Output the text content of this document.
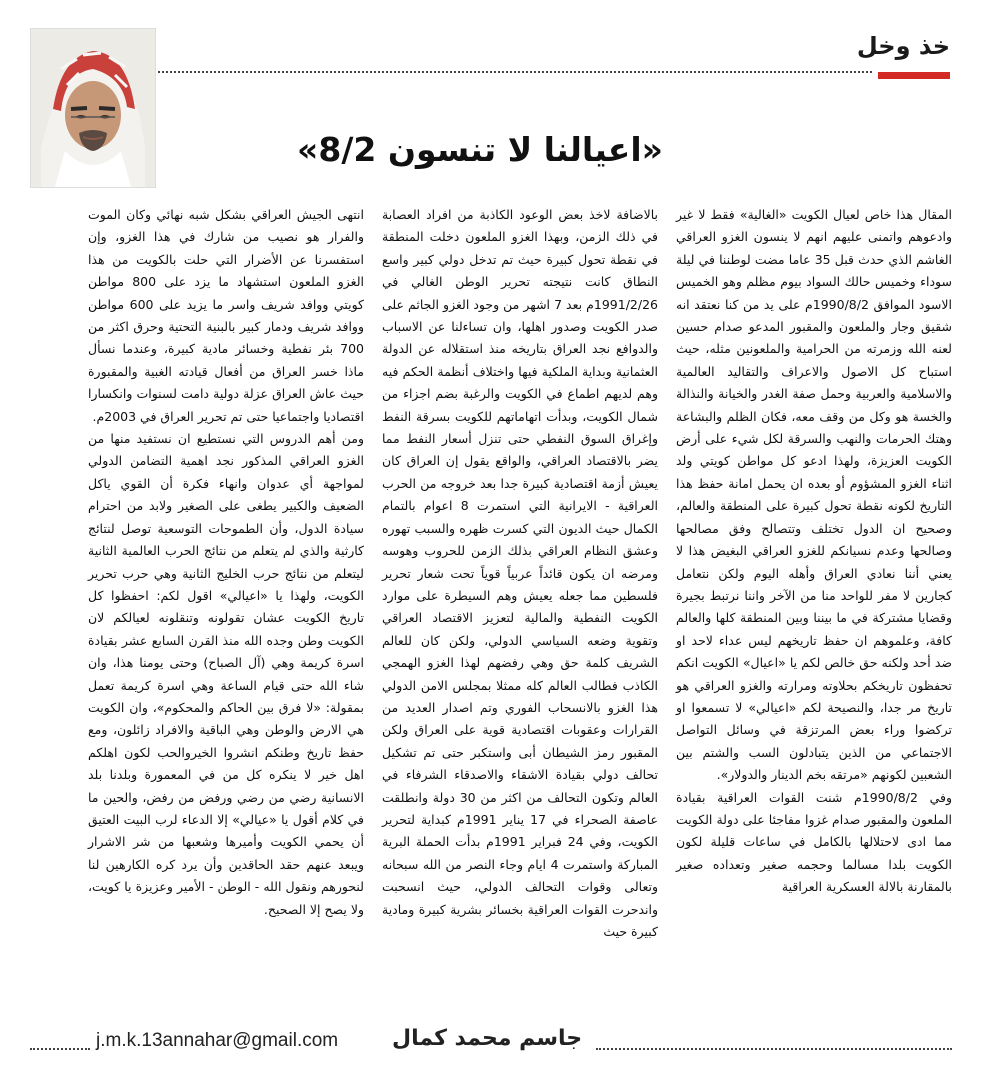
خذ وخل
«اعيالنا لا تنسون 8/2»

المقال هذا خاص لعيال الكويت «الغالية» فقط لا غير وادعوهم واتمنى عليهم انهم لا ينسون الغزو العراقي الغاشم الذي حدث قبل 35 عاما مضت لوطننا في ليلة سوداء وخميس حالك السواد بيوم مظلم وهو الخميس الاسود الموافق 1990/8/2م على يد من كنا نعتقد انه شقيق وجار والملعون والمقبور المدعو صدام حسين لعنه الله وزمرته من الحرامية والملعونين مثله، حيث استباح كل الاصول والاعراف والتقاليد العالمية والاسلامية والعربية وحمل صفة الغدر والخيانة والنذالة والخسة هو وكل من وقف معه، فكان الظلم والبشاعة وهتك الحرمات والنهب والسرقة لكل شيء على أرض الكويت العزيزة، ولهذا ادعو كل مواطن كويتي ولد اثناء الغزو المشؤوم أو بعده ان يحمل امانة حفظ هذا التاريخ لكونه نقطة تحول كبيرة على المنطقة والعالم، وصحيح ان الدول تختلف وتتصالح وفق مصالحها وصالحها وعدم نسيانكم للغزو العراقي البغيض هذا لا يعني أننا نعادي العراق وأهله اليوم ولكن نتعامل كجارين لا مفر للواحد منا من الآخر واننا نرتبط بجيرة وقضايا مشتركة في ما بيننا وبين المنطقة كلها والعالم كافة، وعلموهم ان حفظ تاريخهم ليس عداء لاحد او ضد أحد ولكنه حق خالص لكم يا «اعيال» الكويت انكم تحفظون تاريخكم بحلاوته ومرارته والغزو العراقي هو تاريخ مر جدا، والنصيحة لكم «اعيالي» لا تسمعوا او تركضوا وراء بعض المرتزقة في وسائل التواصل الاجتماعي من الذين يتبادلون السب والشتم بين الشعبين لكونهم «مرتقه بخم الدينار والدولار».

وفي 1990/8/2م شنت القوات العراقية بقيادة الملعون والمقبور صدام غزوا مفاجئا على دولة الكويت مما ادى لاحتلالها بالكامل في ساعات قليلة لكون الكويت بلدا مسالما وحجمه صغير وتعداده صغير بالمقارنة بالالة العسكرية العراقية

بالاضافة لاخذ بعض الوعود الكاذبة من افراد العصابة في ذلك الزمن، وبهذا الغزو الملعون دخلت المنطقة في نقطة تحول كبيرة حيث تم تدخل دولي كبير واسع النطاق كانت نتيجته تحرير الوطن الغالي في 1991/2/26م بعد 7 اشهر من وجود الغزو الجاثم على صدر الكويت وصدور اهلها، وان تساءلنا عن الاسباب والدوافع نجد العراق بتاريخه منذ استقلاله عن الدولة العثمانية وبداية الملكية فيها واختلاف أنظمة الحكم فيه وهم لديهم اطماع في الكويت والرغبة بضم اجزاء من شمال الكويت، وبدأت اتهاماتهم للكويت بسرقة النفط وإغراق السوق النفطي حتى تنزل أسعار النفط مما يضر بالاقتصاد العراقي، والواقع يقول إن العراق كان يعيش أزمة اقتصادية كبيرة جدا بعد خروجه من الحرب العراقية - الايرانية التي استمرت 8 اعوام بالتمام الكمال حيث الديون التي كسرت ظهره والسبب تهوره وعشق النظام العراقي بذلك الزمن للحروب وهوسه ومرضه ان يكون قائداً عربياً قوياً تحت شعار تحرير فلسطين مما جعله يعيش وهم السيطرة على موارد الكويت النفطية والمالية لتعزيز الاقتصاد العراقي وتقوية وضعه السياسي الدولي، ولكن كان للعالم الشريف كلمة حق وهي رفضهم لهذا الغزو الهمجي الكاذب فطالب العالم كله ممثلا بمجلس الامن الدولي هذا الغزو بالانسحاب الفوري وتم اصدار العديد من القرارات وعقوبات اقتصادية قوية على العراق ولكن المقبور رمز الشيطان أبى واستكبر حتى تم تشكيل تحالف دولي بقيادة الاشقاء والاصدقاء الشرفاء في العالم وتكون التحالف من اكثر من 30 دولة وانطلقت عاصفة الصحراء في 17 يناير 1991م كبداية لتحرير الكويت، وفي 24 فبراير 1991م بدأت الحملة البرية المباركة واستمرت 4 ايام وجاء النصر من الله سبحانه وتعالى وقوات التحالف الدولي، حيث انسحبت واندحرت القوات العراقية بخسائر بشرية كبيرة ومادية كبيرة حيث

انتهى الجيش العراقي بشكل شبه نهائي وكان الموت والفرار هو نصيب من شارك في هذا الغزو، وإن استفسرنا عن الأضرار التي حلت بالكويت من هذا الغزو الملعون استشهاد ما يزد على 800 مواطن كويتي ووافد شريف واسر ما يزيد على 600 مواطن ووافد شريف ودمار كبير بالبنية التحتية وحرق اكثر من 700 بئر نفطية وخسائر مادية كبيرة، وعندما نسأل ماذا خسر العراق من أفعال قيادته الغبية والمقبورة حيث عاش العراق عزلة دولية دامت لسنوات وانكسارا اقتصاديا واجتماعيا حتى تم تحرير العراق في 2003م.

ومن أهم الدروس التي نستطيع ان نستفيد منها من الغزو العراقي المذكور نجد اهمية التضامن الدولي لمواجهة أي عدوان وانهاء فكرة أن القوي ياكل الضعيف والكبير يطغى على الصغير ولابد من احترام سيادة الدول، وأن الطموحات التوسعية توصل لنتائج كارثية والذي لم يتعلم من نتائج الحرب العالمية الثانية ليتعلم من نتائج حرب الخليج الثانية وهي حرب تحرير الكويت، ولهذا يا «اعيالي» اقول لكم: احفظوا كل تاريخ الكويت عشان تقولونه وتنقلونه لعيالكم لان الكويت وطن وجده الله منذ القرن السابع عشر بقيادة اسرة كريمة وهي (آل الصباح) وحتى يومنا هذا، وان شاء الله حتى قيام الساعة وهي اسرة كريمة تعمل بمقولة: «لا فرق بين الحاكم والمحكوم»، وان الكويت هي الارض والوطن وهي الباقية والافراد زائلون، ومع حفظ تاريخ وطنكم انشروا الخيروالحب لكون اهلكم اهل خير لا ينكره كل من في المعمورة وبلدنا بلد الانسانية رضي من رضي ورفض من رفض، والحين ما في كلام أقول يا «عيالي» إلا الدعاء لرب البيت العتيق أن يحمي الكويت وأميرها وشعبها من شر الاشرار ويبعد عنهم حقد الحاقدين وأن يرد كره الكارهين لنا لنحورهم ونقول الله - الوطن - الأمير وعزيزة يا كويت، ولا يصح إلا الصحيح.

j.m.k.13annahar@gmail.com جاسم محمد كمال
